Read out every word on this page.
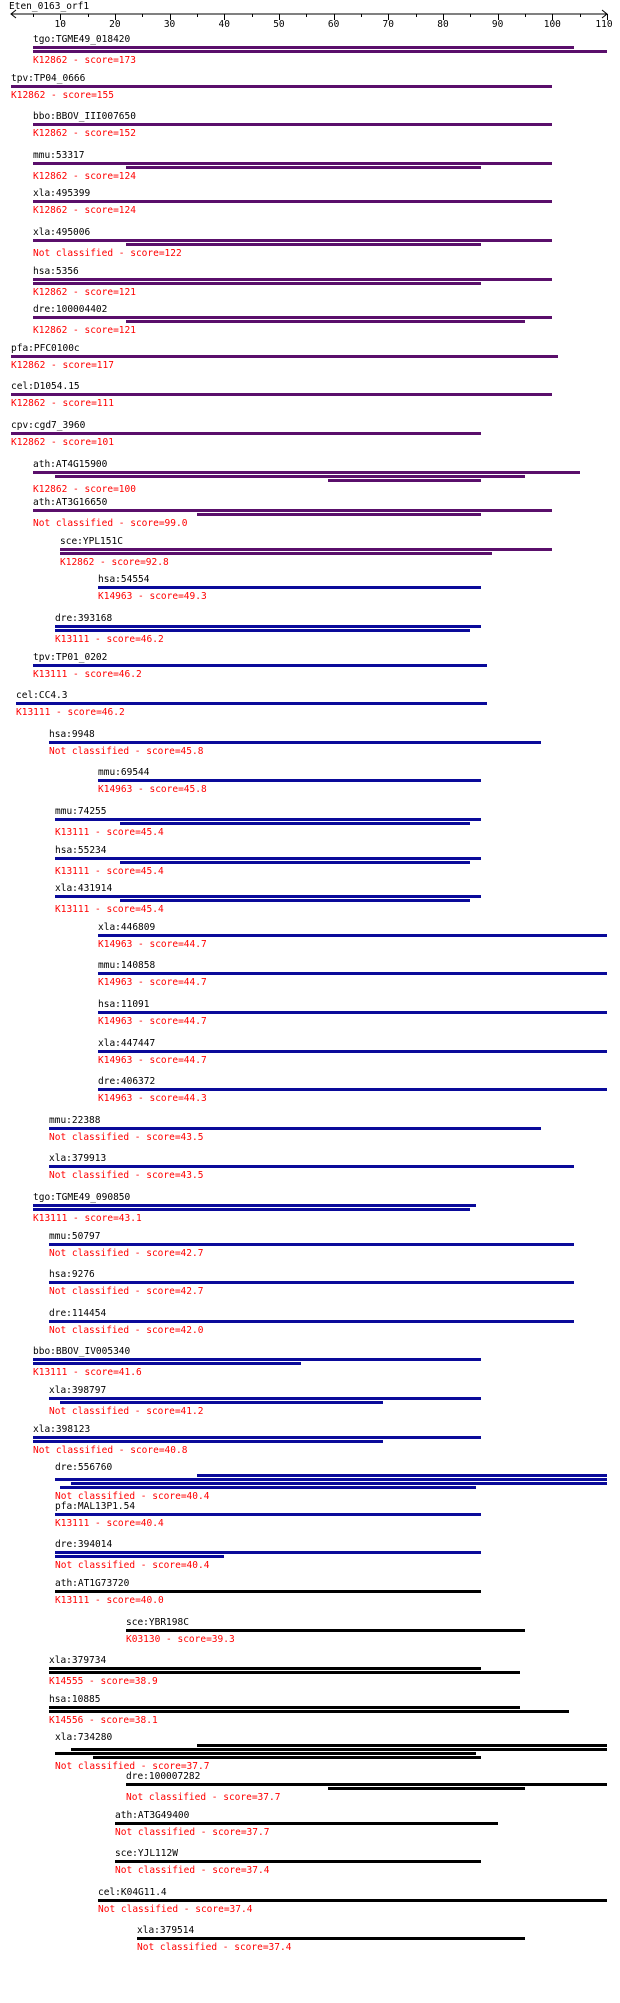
Eten_0163_orf1
10	20	30	40	50	60	70	80	90	100	110
tgo:TGME49_018420
K12862 - score=173
tpv:TP04_0666
K12862 - score=155
bbo:BBOV_III007650
K12862 - score=152
mmu:53317
K12862 - score=124
xla:495399
K12862 - score=124
xla:495006
Not classified - score=122
hsa:5356
K12862 - score=121
dre:100004402
K12862 - score=121
pfa:PFC0100c
K12862 - score=117
cel:D1054.15
K12862 - score=111
cpv:cgd7_3960
K12862 - score=101
ath:AT4G15900
K12862 - score=100
ath:AT3G16650
Not classified - score=99.0
sce:YPL151C
K12862 - score=92.8
hsa:54554
K14963 - score=49.3
dre:393168
K13111 - score=46.2
tpv:TP01_0202
K13111 - score=46.2
cel:CC4.3
K13111 - score=46.2
hsa:9948
Not classified - score=45.8
mmu:69544
K14963 - score=45.8
mmu:74255
K13111 - score=45.4
hsa:55234
K13111 - score=45.4
xla:431914
K13111 - score=45.4
xla:446809
K14963 - score=44.7
mmu:140858
K14963 - score=44.7
hsa:11091
K14963 - score=44.7
xla:447447
K14963 - score=44.7
dre:406372
K14963 - score=44.3
mmu:22388
Not classified - score=43.5
xla:379913
Not classified - score=43.5
tgo:TGME49_090850
K13111 - score=43.1
mmu:50797
Not classified - score=42.7
hsa:9276
Not classified - score=42.7
dre:114454
Not classified - score=42.0
bbo:BBOV_IV005340
K13111 - score=41.6
xla:398797
Not classified - score=41.2
xla:398123
Not classified - score=40.8
dre:556760
Not classified - score=40.4
pfa:MAL13P1.54
K13111 - score=40.4
dre:394014
Not classified - score=40.4
ath:AT1G73720
K13111 - score=40.0
sce:YBR198C
K03130 - score=39.3
xla:379734
K14555 - score=38.9
hsa:10885
K14556 - score=38.1
xla:734280
Not classified - score=37.7
dre:100007282
Not classified - score=37.7
ath:AT3G49400
Not classified - score=37.7
sce:YJL112W
Not classified - score=37.4
cel:K04G11.4
Not classified - score=37.4
xla:379514
Not classified - score=37.4
